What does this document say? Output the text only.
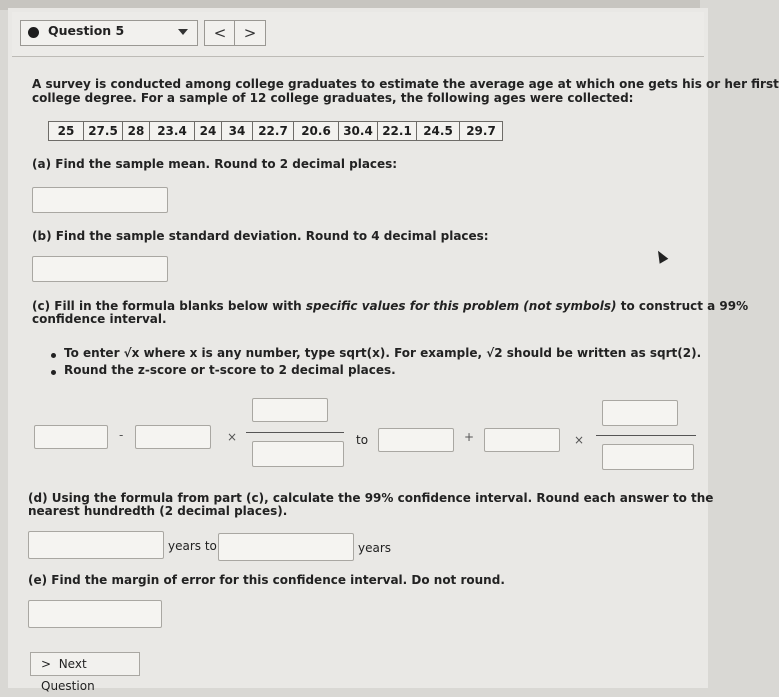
Question 5	<	>
A survey is conducted among college graduates to estimate the average age at which one gets his or her first
college degree. For a sample of 12 college graduates, the following ages were collected:
25	27.5	28	23.4	24	34	22.7	20.6	30.4	22.1	24.5	29.7
(a) Find the sample mean. Round to 2 decimal places:
(b) Find the sample standard deviation. Round to 4 decimal places:
(c) Fill in the formula blanks below with specific values for this problem (not symbols) to construct a 99%
confidence interval.
To enter √x where x is any number, type sqrt(x). For example, √2 should be written as sqrt(2).
Round the z-score or t-score to 2 decimal places.
-	×	to	+	×
(d) Using the formula from part (c), calculate the 99% confidence interval. Round each answer to the
nearest hundredth (2 decimal places).
years to	years
(e) Find the margin of error for this confidence interval. Do not round.
> Next Question
